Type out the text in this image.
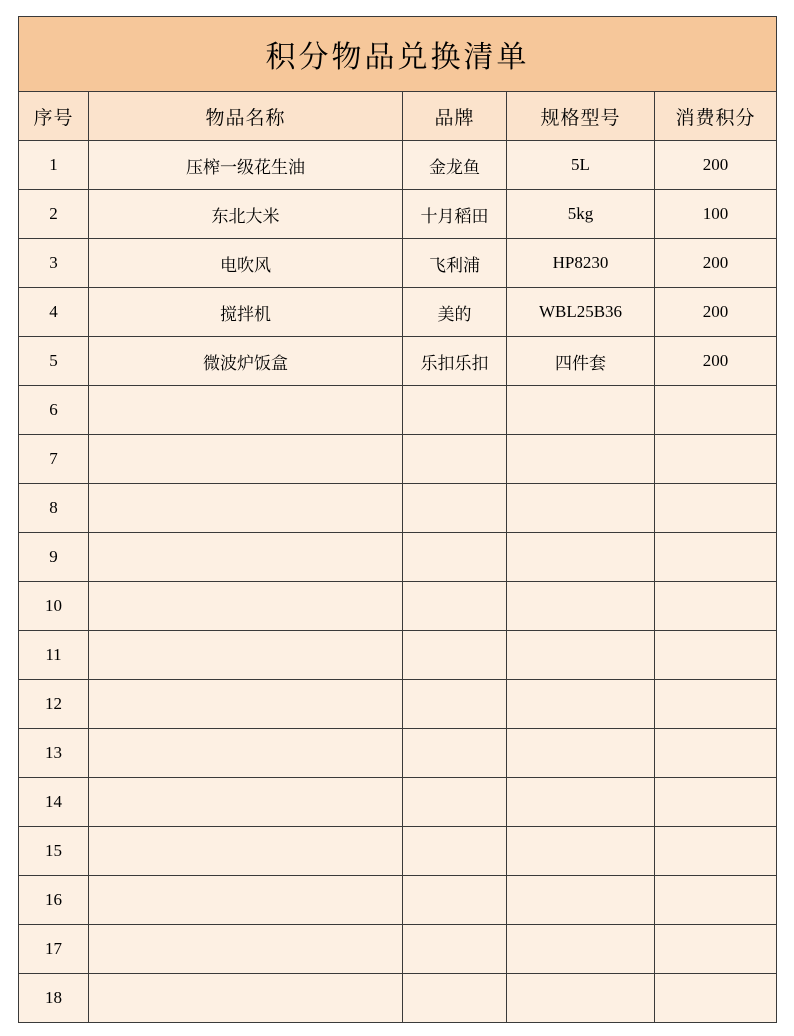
积分物品兑换清单				
序号	物品名称	品牌	规格型号	消费积分
1	压榨一级花生油	金龙鱼	5L	200
2	东北大米	十月稻田	5kg	100
3	电吹风	飞利浦	HP8230	200
4	搅拌机	美的	WBL25B36	200
5	微波炉饭盒	乐扣乐扣	四件套	200
6				
7				
8				
9				
10				
11				
12				
13				
14				
15				
16				
17				
18				
